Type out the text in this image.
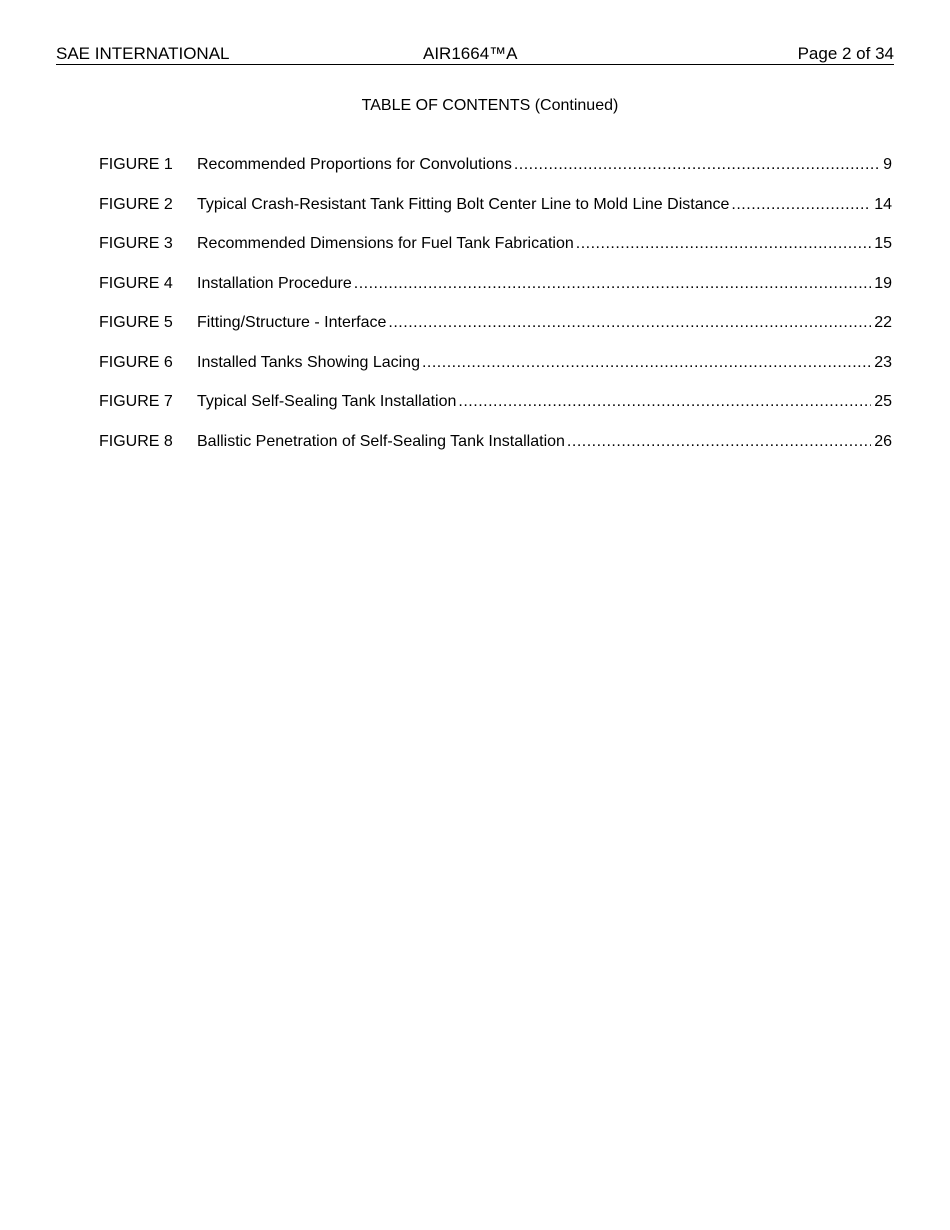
SAE INTERNATIONAL	AIR1664™A	Page 2 of 34
TABLE OF CONTENTS (Continued)
FIGURE 1	Recommended Proportions for Convolutions .....	9
FIGURE 2	Typical Crash-Resistant Tank Fitting Bolt Center Line to Mold Line Distance .....	14
FIGURE 3	Recommended Dimensions for Fuel Tank Fabrication .....	15
FIGURE 4	Installation Procedure .....	19
FIGURE 5	Fitting/Structure - Interface .....	22
FIGURE 6	Installed Tanks Showing Lacing .....	23
FIGURE 7	Typical Self-Sealing Tank Installation .....	25
FIGURE 8	Ballistic Penetration of Self-Sealing Tank Installation .....	26
